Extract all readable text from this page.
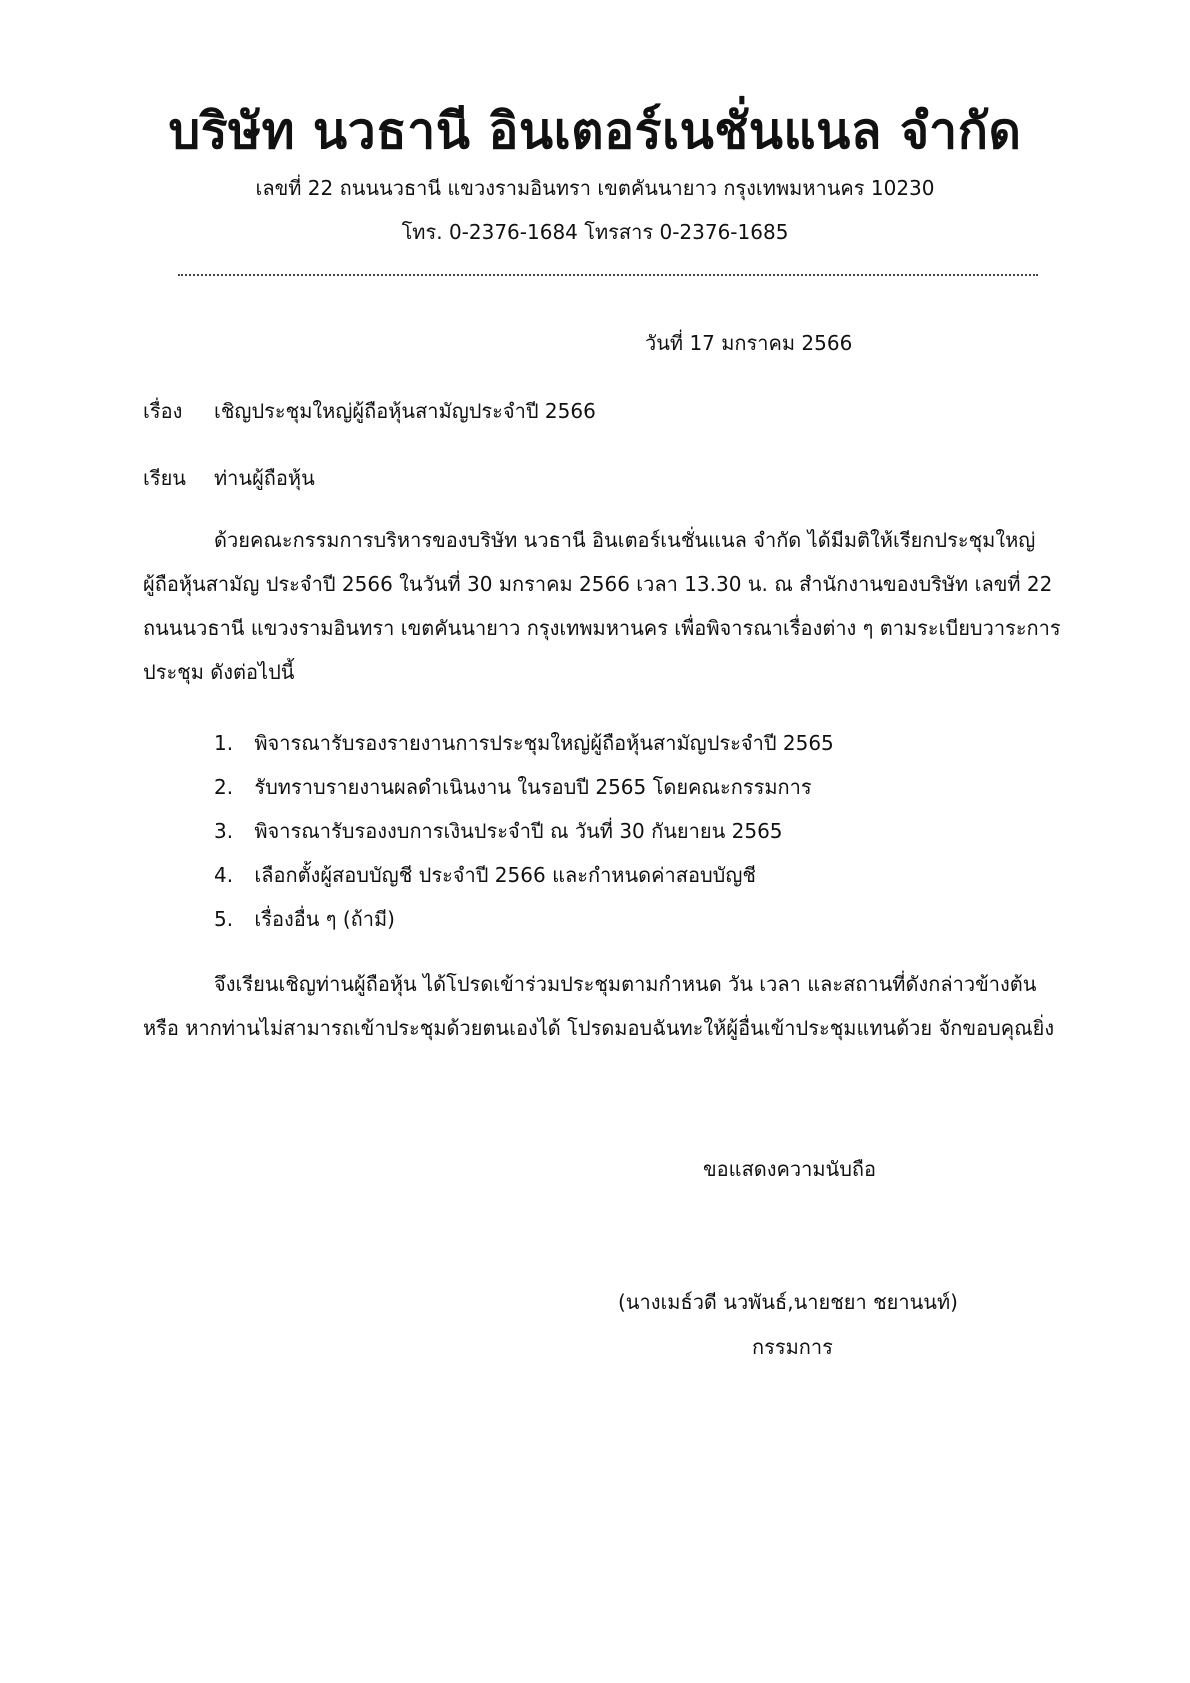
บริษัท นวธานี อินเตอร์เนชั่นแนล จำกัด
เลขที่ 22 ถนนนวธานี แขวงรามอินทรา เขตคันนายาว กรุงเทพมหานคร 10230
โทร. 0-2376-1684 โทรสาร 0-2376-1685
วันที่ 17 มกราคม 2566
เรื่อง เชิญประชุมใหญ่ผู้ถือหุ้นสามัญประจำปี 2566
เรียน ท่านผู้ถือหุ้น
ด้วยคณะกรรมการบริหารของบริษัท นวธานี อินเตอร์เนชั่นแนล จำกัด ได้มีมติให้เรียกประชุมใหญ่
ผู้ถือหุ้นสามัญ ประจำปี 2566 ในวันที่ 30 มกราคม 2566 เวลา 13.30 น. ณ สำนักงานของบริษัท เลขที่ 22
ถนนนวธานี แขวงรามอินทรา เขตคันนายาว กรุงเทพมหานคร เพื่อพิจารณาเรื่องต่าง ๆ ตามระเบียบวาระการ
ประชุม ดังต่อไปนี้
1. พิจารณารับรองรายงานการประชุมใหญ่ผู้ถือหุ้นสามัญประจำปี 2565
2. รับทราบรายงานผลดำเนินงาน ในรอบปี 2565 โดยคณะกรรมการ
3. พิจารณารับรองงบการเงินประจำปี ณ วันที่ 30 กันยายน 2565
4. เลือกตั้งผู้สอบบัญชี ประจำปี 2566 และกำหนดค่าสอบบัญชี
5. เรื่องอื่น ๆ (ถ้ามี)
จึงเรียนเชิญท่านผู้ถือหุ้น ได้โปรดเข้าร่วมประชุมตามกำหนด วัน เวลา และสถานที่ดังกล่าวข้างต้น
หรือ หากท่านไม่สามารถเข้าประชุมด้วยตนเองได้ โปรดมอบฉันทะให้ผู้อื่นเข้าประชุมแทนด้วย จักขอบคุณยิ่ง
ขอแสดงความนับถือ
(นางเมธ์วดี นวพันธ์,นายชยา ชยานนท์)
กรรมการ
